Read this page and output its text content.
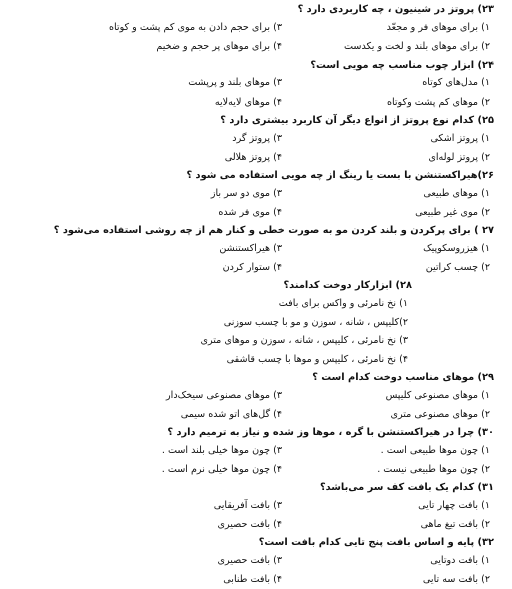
۲۳) پروتز در شینیون ، چه کاربردی دارد ؟
۱) برای موهای فر و مجعّد
۳) برای حجم دادن به موی کم پشت و کوتاه
۲) برای موهای بلند و لخت و یکدست
۴) برای موهای پر حجم و ضخیم
۲۴) ابزار چوب مناسب چه مویی است؟
۱) مدل‌های کوتاه
۳) موهای بلند و پرپشت
۲) موهای کم پشت وکوتاه
۴) موهای لایه‌لایه
۲۵) کدام نوع پروتز از انواع دیگر آن کاربرد بیشتری دارد ؟
۱) پروتز اشکی
۳) پروتز گرد
۲) پروتز لوله‌ای
۴) پروتز هلالی
۲۶)هیراکستنشن با بست یا رینگ از چه مویی استفاده می شود ؟
۱) موهای طبیعی
۳) موی دو سر باز
۲) موی غیر طبیعی
۴) موی فر شده
۲۷ ) برای پرکردن و بلند کردن مو به صورت خطی و کنار هم از چه روشی استفاده می‌شود ؟
۱) هیزروسکوپیک
۳) هیراکستنشن
۲) چسب کراتین
۴) ستوار کردن
۲۸) ابزارکار دوخت کدامند؟
۱) نخ نامرئی و واکس برای بافت
۲)کلیپس ، شانه ، سوزن و مو با چسب سوزنی
۳) نخ نامرئی ، کلیپس ، شانه ، سوزن و موهای متری
۴) نخ نامرئی ، کلیپس و موها با چسب قاشقی
۲۹) موهای مناسب دوخت کدام است ؟
۱) موهای مصنوعی کلیپس
۳) موهای مصنوعی سیخک‌دار
۲) موهای مصنوعی متری
۴) گل‌های اتو شده سیمی
۳۰) چرا در هیراکستنشن با گره ، موها وز شده و نیاز به ترمیم دارد ؟
۱) چون موها طبیعی است .
۳) چون موها خیلی بلند است .
۲) چون موها طبیعی نیست .
۴) چون موها خیلی نرم است .
۳۱) کدام یک بافت کف سر می‌باشد؟
۱) بافت چهار تایی
۳) بافت آفریقایی
۲) بافت تیغ ماهی
۴) بافت حصیری
۳۲) پایه و اساس بافت پنج تایی کدام بافت است؟
۱) بافت دوتایی
۳) بافت حصیری
۲) بافت سه تایی
۴) بافت طنابی
